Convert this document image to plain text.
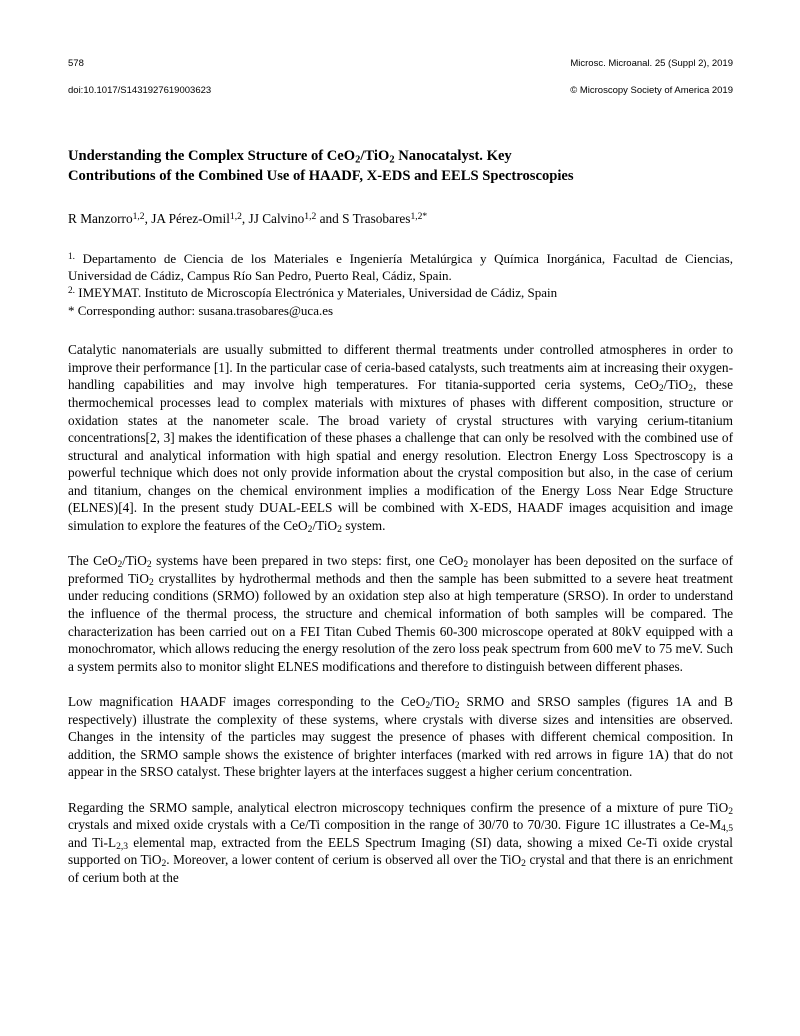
578

doi:10.1017/S1431927619003623

Microsc. Microanal. 25 (Suppl 2), 2019

© Microscopy Society of America 2019

Understanding the Complex Structure of CeO$_2$/TiO$_2$ Nanocatalyst. Key
Contributions of the Combined Use of HAADF, X-EDS and EELS Spectroscopies
R Manzorro$^{1,2}$, JA Pérez-Omil$^{1,2}$, JJ Calvino$^{1,2}$ and S Trasobares$^{1,2*}$
$^{1.}$ Departamento de Ciencia de los Materiales e Ingeniería Metalúrgica y Química Inorgánica, Facultad de Ciencias, Universidad de Cádiz, Campus Río San Pedro, Puerto Real, Cádiz, Spain.
$^{2.}$ IMEYMAT. Instituto de Microscopía Electrónica y Materiales, Universidad de Cádiz, Spain
* Corresponding author: susana.trasobares@uca.es

Catalytic nanomaterials are usually submitted to different thermal treatments under controlled atmospheres in order to improve their performance [1]. In the particular case of ceria-based catalysts, such treatments aim at increasing their oxygen-handling capabilities and may involve high temperatures. For titania-supported ceria systems, CeO$_2$/TiO$_2$, these thermochemical processes lead to complex materials with mixtures of phases with different composition, structure or oxidation states at the nanometer scale. The broad variety of crystal structures with varying cerium-titanium concentrations[2, 3] makes the identification of these phases a challenge that can only be resolved with the combined use of structural and analytical information with high spatial and energy resolution. Electron Energy Loss Spectroscopy is a powerful technique which does not only provide information about the crystal composition but also, in the case of cerium and titanium, changes on the chemical environment implies a modification of the Energy Loss Near Edge Structure (ELNES)[4]. In the present study DUAL-EELS will be combined with X-EDS, HAADF images acquisition and image simulation to explore the features of the CeO$_2$/TiO$_2$ system.

The CeO$_2$/TiO$_2$ systems have been prepared in two steps: first, one CeO$_2$ monolayer has been deposited on the surface of preformed TiO$_2$ crystallites by hydrothermal methods and then the sample has been submitted to a severe heat treatment under reducing conditions (SRMO) followed by an oxidation step also at high temperature (SRSO). In order to understand the influence of the thermal process, the structure and chemical information of both samples will be compared. The characterization has been carried out on a FEI Titan Cubed Themis 60-300 microscope operated at 80kV equipped with a monochromator, which allows reducing the energy resolution of the zero loss peak spectrum from 600 meV to 75 meV. Such a system permits also to monitor slight ELNES modifications and therefore to distinguish between different phases.

Low magnification HAADF images corresponding to the CeO$_2$/TiO$_2$ SRMO and SRSO samples (figures 1A and B respectively) illustrate the complexity of these systems, where crystals with diverse sizes and intensities are observed. Changes in the intensity of the particles may suggest the presence of phases with different chemical composition. In addition, the SRMO sample shows the existence of brighter interfaces (marked with red arrows in figure 1A) that do not appear in the SRSO catalyst. These brighter layers at the interfaces suggest a higher cerium concentration.

Regarding the SRMO sample, analytical electron microscopy techniques confirm the presence of a mixture of pure TiO$_2$ crystals and mixed oxide crystals with a Ce/Ti composition in the range of 30/70 to 70/30. Figure 1C illustrates a $Ce-M_{4,5}$ and $Ti-L_{2,3}$ elemental map, extracted from the EELS Spectrum Imaging (SI) data, showing a mixed Ce-Ti oxide crystal supported on TiO$_2$. Moreover, a lower content of cerium is observed all over the TiO$_2$ crystal and that there is an enrichment of cerium both at the
